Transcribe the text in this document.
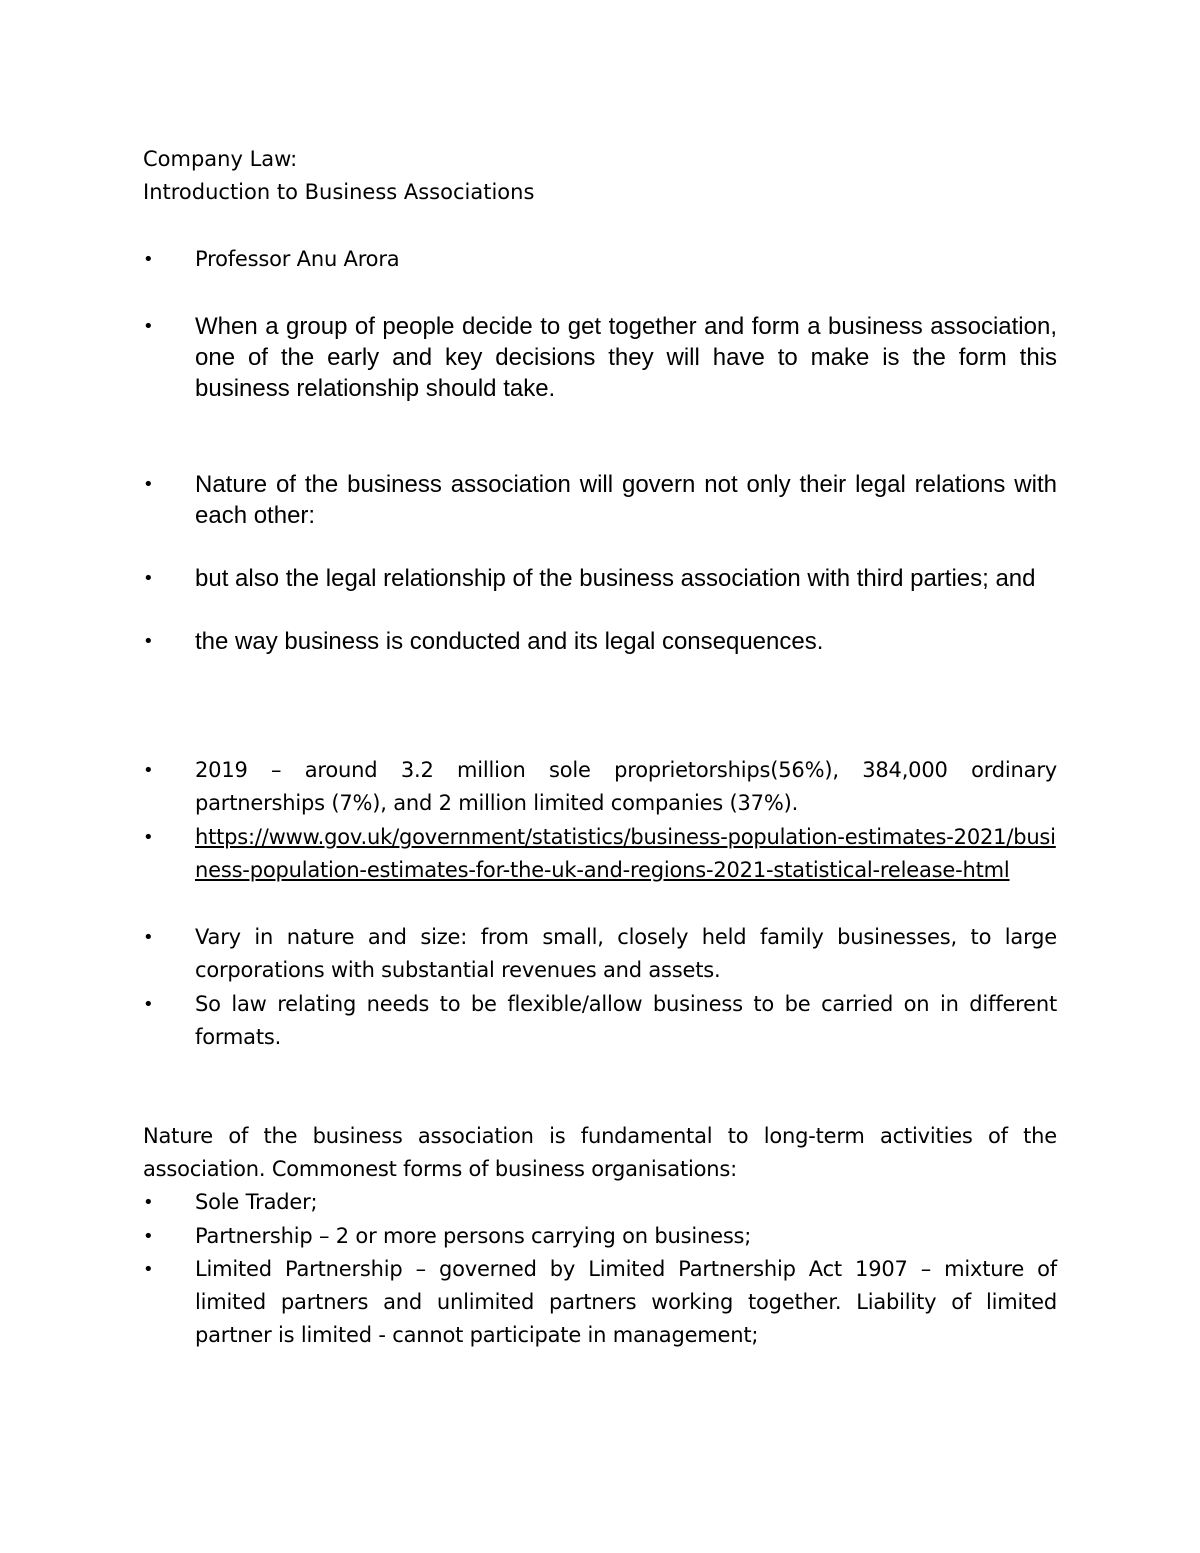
Company Law:
Introduction to Business Associations
•	Professor Anu Arora
•	When a group of people decide to get together and form a business association, one of the early and key decisions they will have to make is the form this business relationship should take.
•	Nature of the business association will govern not only their legal relations with each other:
•	but also the legal relationship of the business association with third parties; and
•	the way business is conducted and its legal consequences.
•	2019 – around 3.2 million sole proprietorships(56%), 384,000 ordinary partnerships (7%), and 2 million limited companies (37%).
•	https://www.gov.uk/government/statistics/business-population-estimates-2021/business-population-estimates-for-the-uk-and-regions-2021-statistical-release-html
•	Vary in nature and size: from small, closely held family businesses, to large corporations with substantial revenues and assets.
•	So law relating needs to be flexible/allow business to be carried on in different formats.
Nature of the business association is fundamental to long-term activities of the association. Commonest forms of business organisations:
•	Sole Trader;
•	Partnership – 2 or more persons carrying on business;
•	Limited Partnership – governed by Limited Partnership Act 1907 – mixture of limited partners and unlimited partners working together. Liability of limited partner is limited - cannot participate in management;
